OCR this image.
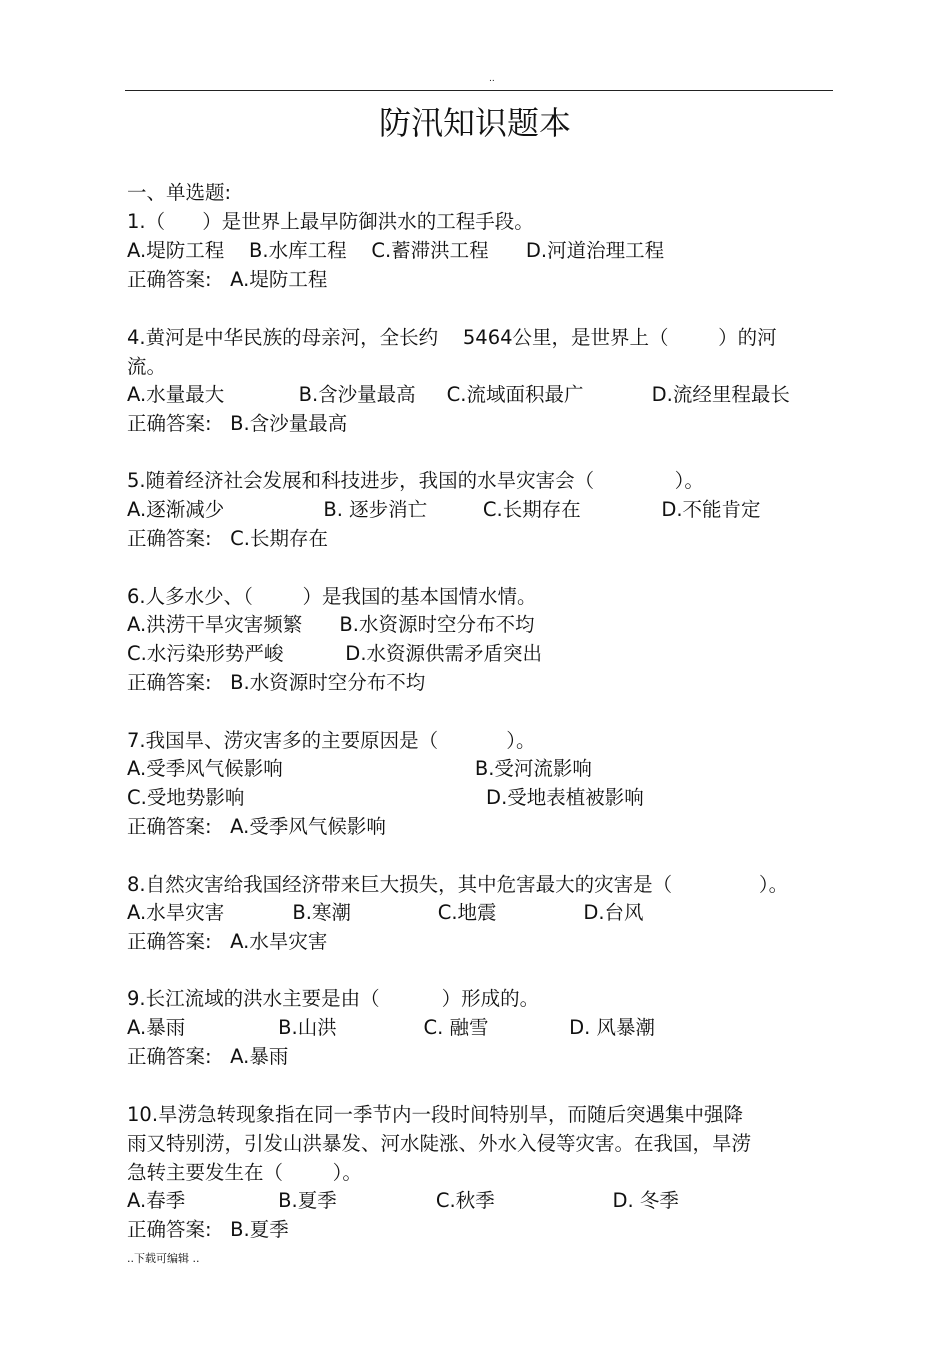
..
防汛知识题本
一、单选题:
1.（      ）是世界上最早防御洪水的工程手段。
A.堤防工程    B.水库工程    C.蓄滞洪工程      D.河道治理工程
正确答案:   A.堤防工程
4.黄河是中华民族的母亲河，全长约    5464公里，是世界上（        ）的河
流。
A.水量最大            B.含沙量最高     C.流域面积最广           D.流经里程最长
正确答案:   B.含沙量最高
5.随着经济社会发展和科技进步，我国的水旱灾害会（             ）。
A.逐渐减少                B. 逐步消亡         C.长期存在             D.不能肯定
正确答案:   C.长期存在
6.人多水少、（        ）是我国的基本国情水情。
A.洪涝干旱灾害频繁      B.水资源时空分布不均
C.水污染形势严峻          D.水资源供需矛盾突出
正确答案:   B.水资源时空分布不均
7.我国旱、涝灾害多的主要原因是（           ）。
A.受季风气候影响                               B.受河流影响
C.受地势影响                                       D.受地表植被影响
正确答案:   A.受季风气候影响
8.自然灾害给我国经济带来巨大损失，其中危害最大的灾害是（              ）。
A.水旱灾害           B.寒潮              C.地震              D.台风
正确答案:   A.水旱灾害
9.长江流域的洪水主要是由（          ）形成的。
A.暴雨               B.山洪              C. 融雪             D. 风暴潮
正确答案:   A.暴雨
10.旱涝急转现象指在同一季节内一段时间特别旱，而随后突遇集中强降
雨又特别涝，引发山洪暴发、河水陡涨、外水入侵等灾害。在我国，旱涝
急转主要发生在（        ）。
A.春季               B.夏季                C.秋季                   D. 冬季
正确答案:   B.夏季
..下载可编辑 ..
